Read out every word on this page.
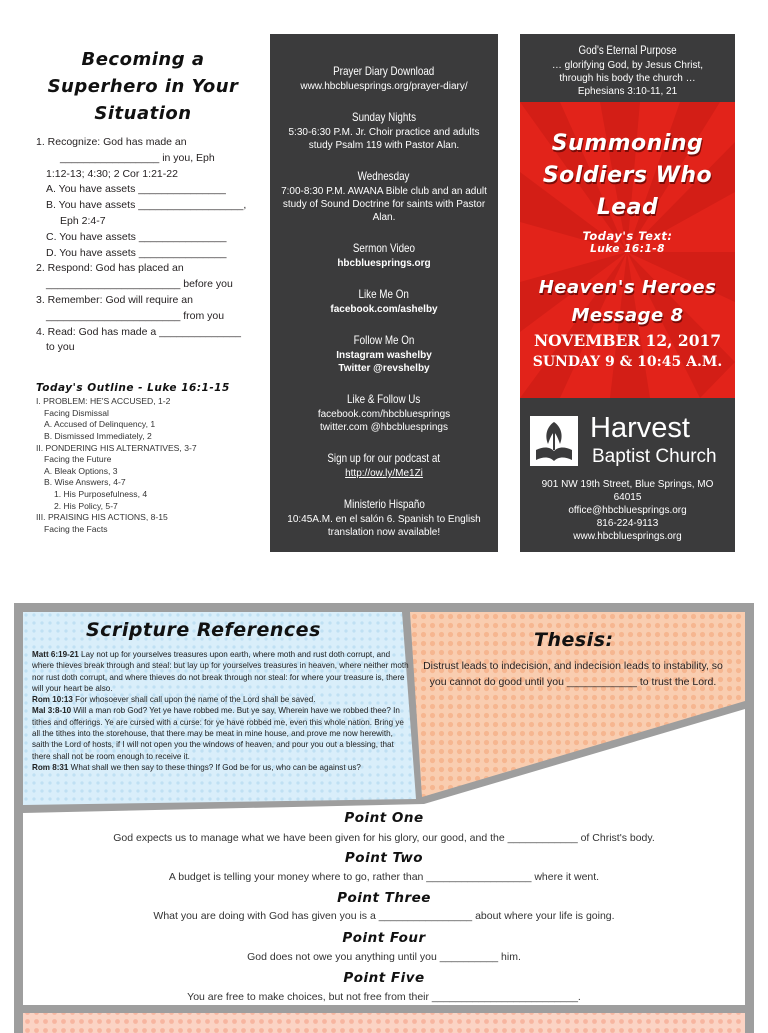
Becoming a
Superhero in Your
Situation
1. Recognize: God has made an
_________________ in you, Eph
1:12-13; 4:30; 2 Cor 1:21-22
A. You have assets _______________
B. You have assets __________________,
Eph 2:4-7
C. You have assets _______________
D. You have assets _______________
2. Respond: God has placed an
_______________________ before you
3. Remember: God will require an
_______________________ from you
4. Read: God has made a ______________
to you
Today's Outline - Luke 16:1-15
I. PROBLEM: HE'S ACCUSED, 1-2
Facing Dismissal
A. Accused of Delinquency, 1
B. Dismissed Immediately, 2
II. PONDERING HIS ALTERNATIVES, 3-7
Facing the Future
A. Bleak Options, 3
B. Wise Answers, 4-7
1. His Purposefulness, 4
2. His Policy, 5-7
III. PRAISING HIS ACTIONS, 8-15
Facing the Facts
Prayer Diary Download
www.hbcbluesprings.org/prayer-diary/
Sunday Nights
5:30-6:30 P.M. Jr. Choir practice and adults study Psalm 119 with Pastor Alan.
Wednesday
7:00-8:30 P.M. AWANA Bible club and an adult study of Sound Doctrine for saints with Pastor Alan.
Sermon Video
hbcbluesprings.org
Like Me On
facebook.com/ashelby
Follow Me On
Instagram washelby
Twitter @revshelby
Like & Follow Us
facebook.com/hbcbluesprings
twitter.com @hbcbluesprings
Sign up for our podcast at
http://ow.ly/Me1Zi
Ministerio Hispaño
10:45A.M. en el salón 6. Spanish to English translation now available!
God's Eternal Purpose
… glorifying God, by Jesus Christ,
through his body the church …
Ephesians 3:10-11, 21
Summoning
Soldiers Who
Lead
Today's Text:
Luke 16:1-8
Heaven's Heroes
Message 8
NOVEMBER 12, 2017
SUNDAY 9 & 10:45 A.M.
Harvest
Baptist Church
901 NW 19th Street, Blue Springs, MO
64015
office@hbcbluesprings.org
816-224-9113
www.hbcbluesprings.org
Scripture References
Matt 6:19-21 Lay not up for yourselves treasures upon earth, where moth and rust doth corrupt, and where thieves break through and steal: but lay up for yourselves treasures in heaven, where neither moth nor rust doth corrupt, and where thieves do not break through nor steal: for where your treasure is, there will your heart be also.
Rom 10:13 For whosoever shall call upon the name of the Lord shall be saved.
Mal 3:8-10 Will a man rob God? Yet ye have robbed me. But ye say, Wherein have we robbed thee? In tithes and offerings. Ye are cursed with a curse: for ye have robbed me, even this whole nation. Bring ye all the tithes into the storehouse, that there may be meat in mine house, and prove me now herewith, saith the Lord of hosts, if I will not open you the windows of heaven, and pour you out a blessing, that there shall not be room enough to receive it.
Rom 8:31 What shall we then say to these things? If God be for us, who can be against us?
Thesis:
Distrust leads to indecision, and indecision leads to instability, so you cannot do good until you ____________ to trust the Lord.
Point One
God expects us to manage what we have been given for his glory, our good, and the ____________ of Christ's body.
Point Two
A budget is telling your money where to go, rather than __________________ where it went.
Point Three
What you are doing with God has given you is a ________________ about where your life is going.
Point Four
God does not owe you anything until you __________ him.
Point Five
You are free to make choices, but not free from their _________________________.
